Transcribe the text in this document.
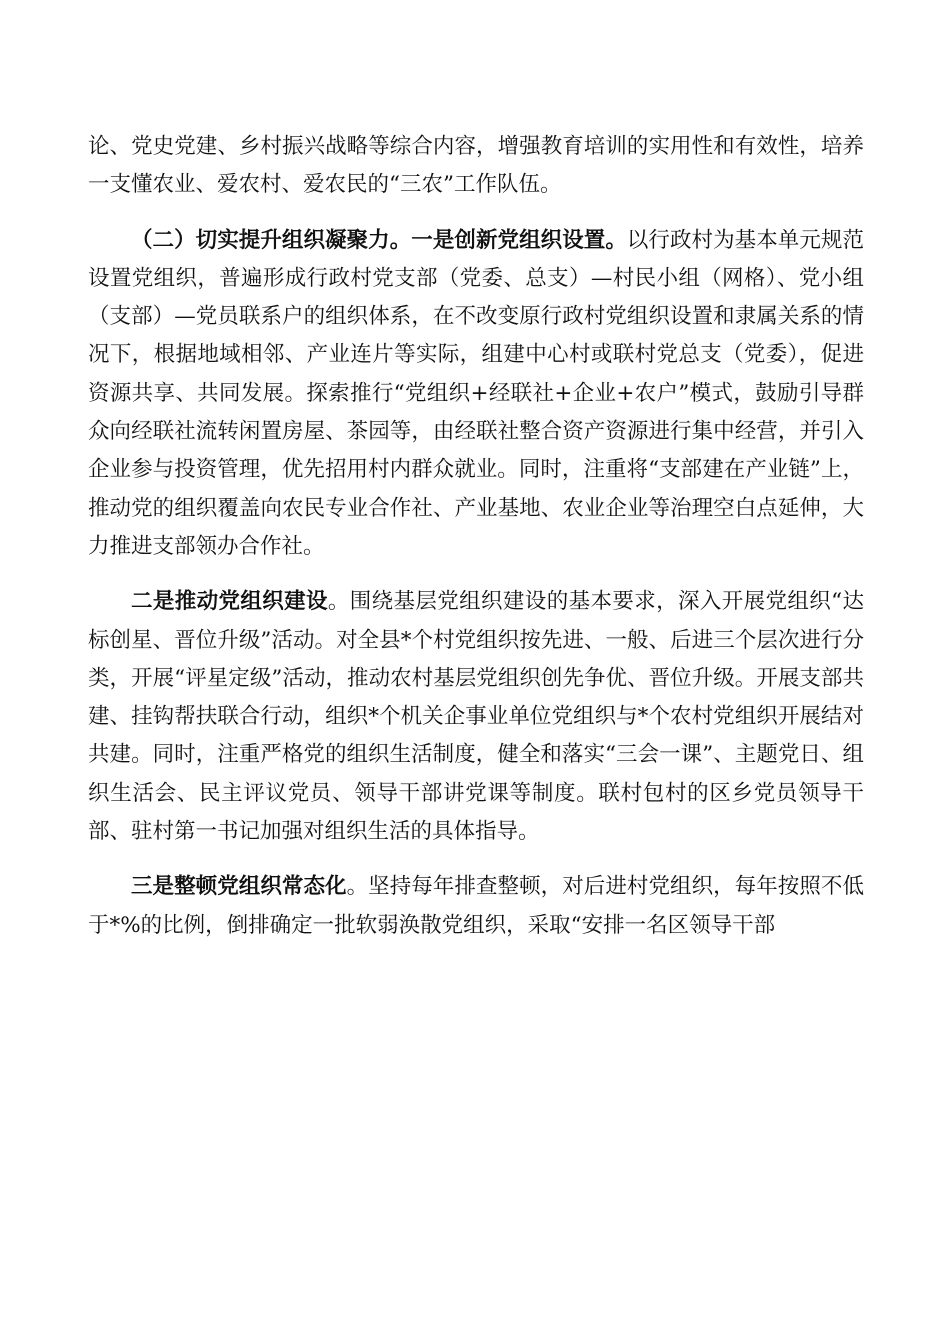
论、党史党建、乡村振兴战略等综合内容，增强教育培训的实用性和有效性，培养一支懂农业、爱农村、爱农民的“三农”工作队伍。

（二）切实提升组织凝聚力。一是创新党组织设置。以行政村为基本单元规范设置党组织，普遍形成行政村党支部（党委、总支）—村民小组（网格）、党小组（支部）—党员联系户的组织体系，在不改变原行政村党组织设置和隶属关系的情况下，根据地域相邻、产业连片等实际，组建中心村或联村党总支（党委），促进资源共享、共同发展。探索推行“党组织+经联社+企业+农户”模式，鼓励引导群众向经联社流转闲置房屋、茶园等，由经联社整合资产资源进行集中经营，并引入企业参与投资管理，优先招用村内群众就业。同时，注重将“支部建在产业链”上，推动党的组织覆盖向农民专业合作社、产业基地、农业企业等治理空白点延伸，大力推进支部领办合作社。

二是推动党组织建设。围绕基层党组织建设的基本要求，深入开展党组织“达标创星、晋位升级”活动。对全县*个村党组织按先进、一般、后进三个层次进行分类，开展“评星定级”活动，推动农村基层党组织创先争优、晋位升级。开展支部共建、挂钩帮扶联合行动，组织*个机关企事业单位党组织与*个农村党组织开展结对共建。同时，注重严格党的组织生活制度，健全和落实“三会一课”、主题党日、组织生活会、民主评议党员、领导干部讲党课等制度。联村包村的区乡党员领导干部、驻村第一书记加强对组织生活的具体指导。

三是整顿党组织常态化。坚持每年排查整顿，对后进村党组织，每年按照不低于*%的比例，倒排确定一批软弱涣散党组织，采取“安排一名区领导干部
